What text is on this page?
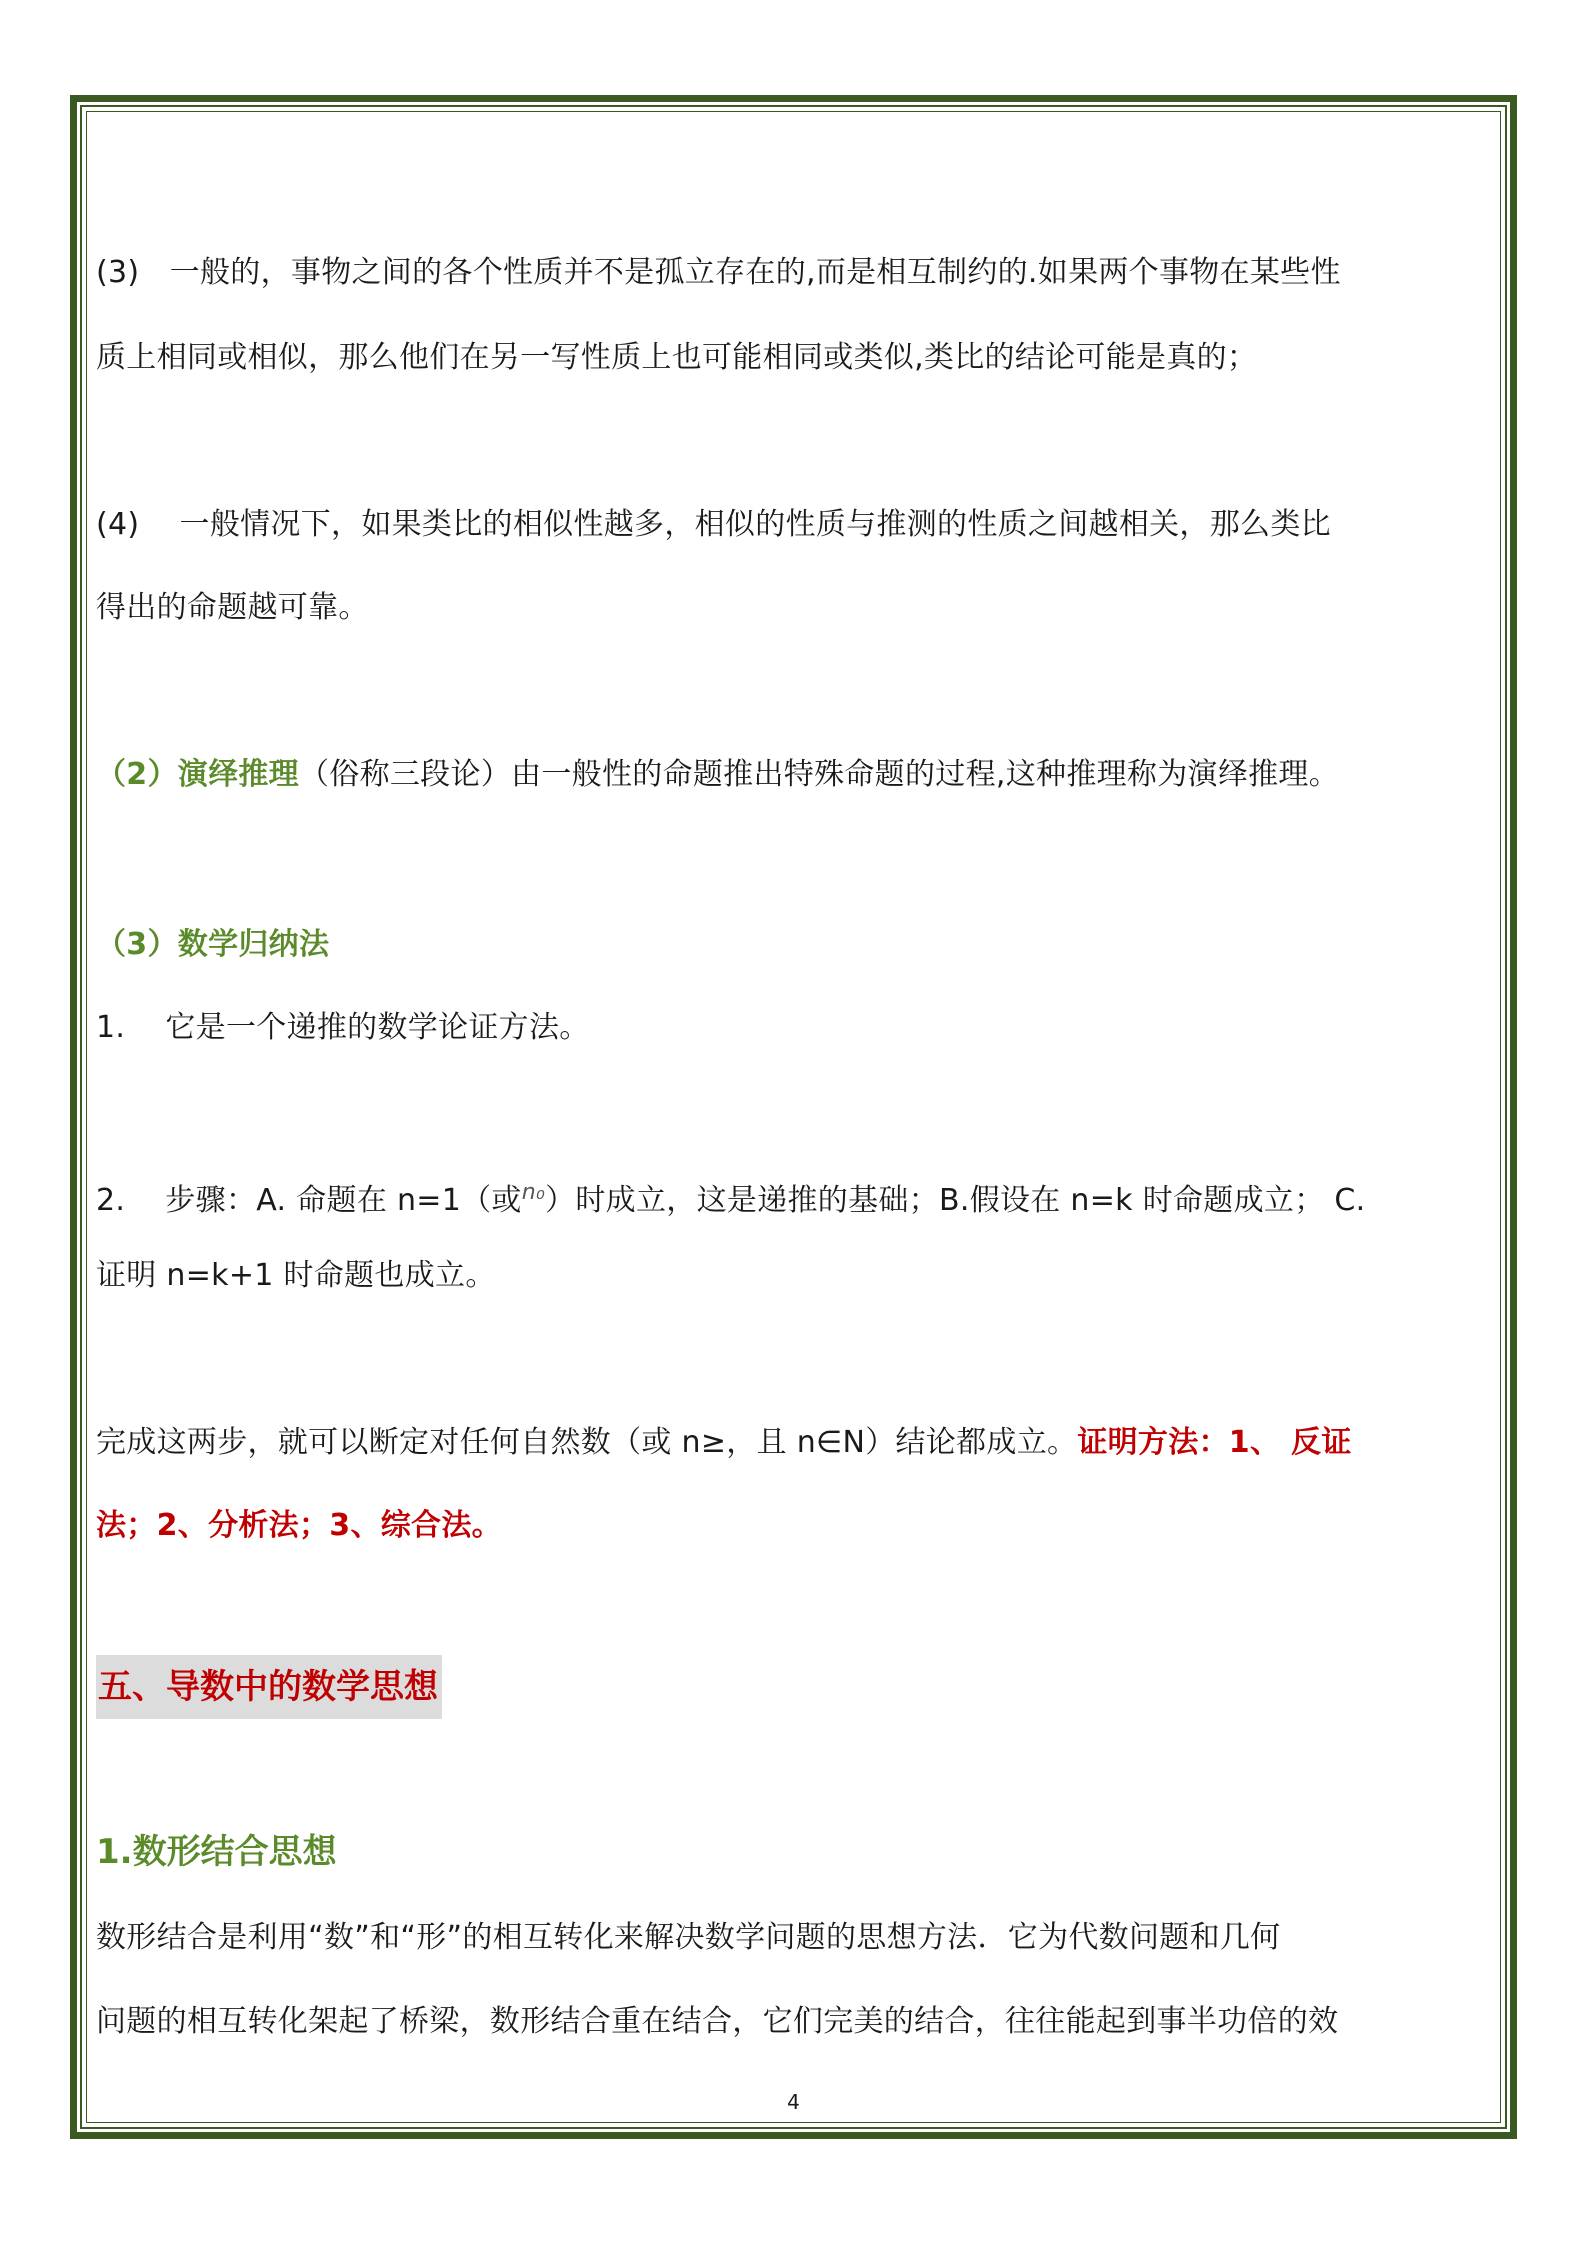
(3)　一般的，事物之间的各个性质并不是孤立存在的,而是相互制约的.如果两个事物在某些性
质上相同或相似，那么他们在另一写性质上也可能相同或类似,类比的结论可能是真的；
(4)　 一般情况下，如果类比的相似性越多，相似的性质与推测的性质之间越相关，那么类比
得出的命题越可靠。
（2）演绎推理（俗称三段论）由一般性的命题推出特殊命题的过程,这种推理称为演绎推理。
（3）数学归纳法
1.　 它是一个递推的数学论证方法。
2.　 步骤：A. 命题在 n=1（或$^{n_0}$）时成立，这是递推的基础；B.假设在 n=k 时命题成立； C.
证明 n=k+1 时命题也成立。
完成这两步，就可以断定对任何自然数（或 n≥，且 n∈N）结论都成立。证明方法：1、 反证
法；2、分析法；3、综合法。
五、导数中的数学思想
1.数形结合思想
数形结合是利用“数”和“形”的相互转化来解决数学问题的思想方法．它为代数问题和几何
问题的相互转化架起了桥梁，数形结合重在结合，它们完美的结合，往往能起到事半功倍的效
4
